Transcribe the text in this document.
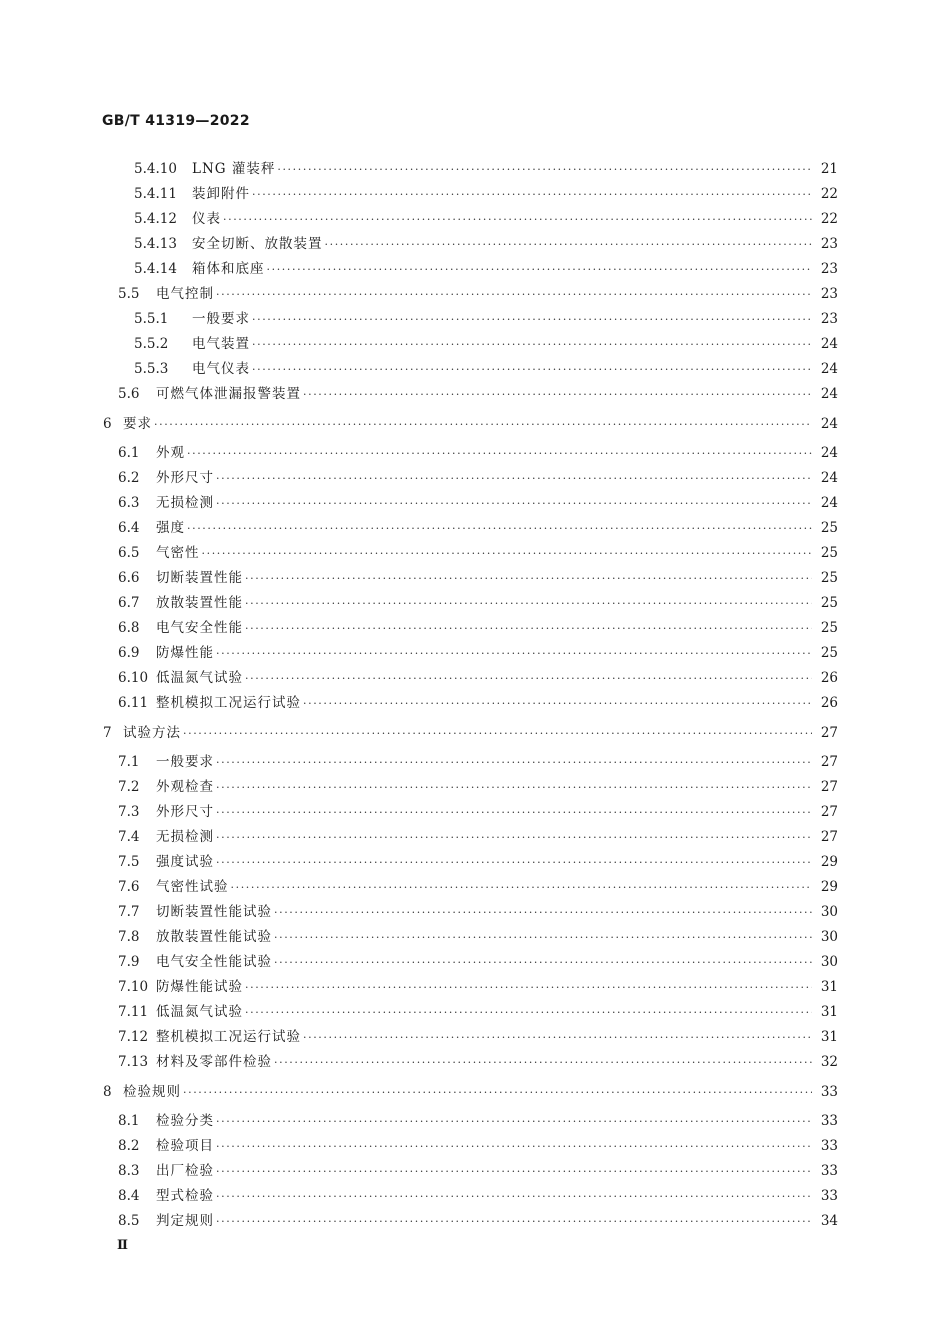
GB/T 41319—2022
5.4.10	LNG 灌装秤 ·····	21
5.4.11	装卸附件 ·····	22
5.4.12	仪表 ·····	22
5.4.13	安全切断、放散装置 ·····	23
5.4.14	箱体和底座 ·····	23
5.5	电气控制 ·····	23
5.5.1	一般要求 ·····	23
5.5.2	电气装置 ·····	24
5.5.3	电气仪表 ·····	24
5.6	可燃气体泄漏报警装置 ·····	24
6 要求 ·····	24
6.1	外观 ·····	24
6.2	外形尺寸 ·····	24
6.3	无损检测 ·····	24
6.4	强度 ·····	25
6.5	气密性 ·····	25
6.6	切断装置性能 ·····	25
6.7	放散装置性能 ·····	25
6.8	电气安全性能 ·····	25
6.9	防爆性能 ·····	25
6.10 低温氮气试验 ·····	26
6.11 整机模拟工况运行试验 ·····	26
7 试验方法 ·····	27
7.1	一般要求 ·····	27
7.2	外观检查 ·····	27
7.3	外形尺寸 ·····	27
7.4	无损检测 ·····	27
7.5	强度试验 ·····	29
7.6	气密性试验 ·····	29
7.7	切断装置性能试验 ·····	30
7.8	放散装置性能试验 ·····	30
7.9	电气安全性能试验 ·····	30
7.10 防爆性能试验 ·····	31
7.11 低温氮气试验 ·····	31
7.12 整机模拟工况运行试验 ·····	31
7.13 材料及零部件检验 ·····	32
8 检验规则 ·····	33
8.1	检验分类 ·····	33
8.2	检验项目 ·····	33
8.3	出厂检验 ·····	33
8.4	型式检验 ·····	33
8.5	判定规则 ·····	34
Ⅱ
